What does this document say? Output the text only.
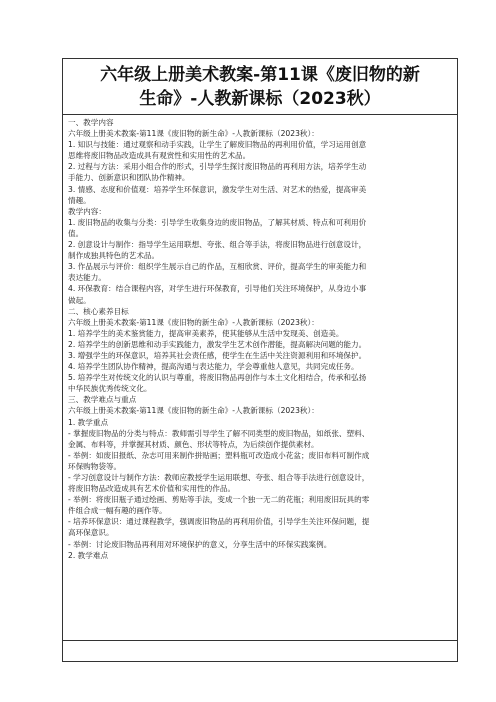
六年级上册美术教案-第11课《废旧物的新

生命》-人教新课标（2023秋）

一、教学内容

六年级上册美术教案-第11课《废旧物的新生命》-人教新课标（2023秋）：

1. 知识与技能：通过观察和动手实践，让学生了解废旧物品的再利用价值，学习运用创意

思维将废旧物品改造成具有观赏性和实用性的艺术品。

2. 过程与方法：采用小组合作的形式，引导学生探讨废旧物品的再利用方法，培养学生动

手能力、创新意识和团队协作精神。

3. 情感、态度和价值观：培养学生环保意识，激发学生对生活、对艺术的热爱，提高审美

情趣。

教学内容：

1. 废旧物品的收集与分类：引导学生收集身边的废旧物品，了解其材质、特点和可利用价

值。

2. 创意设计与制作：指导学生运用联想、夸张、组合等手法，将废旧物品进行创意设计，

制作成独具特色的艺术品。

3. 作品展示与评价：组织学生展示自己的作品，互相欣赏、评价，提高学生的审美能力和

表达能力。

4. 环保教育：结合课程内容，对学生进行环保教育，引导他们关注环境保护，从身边小事

做起。

二、核心素养目标

六年级上册美术教案-第11课《废旧物的新生命》-人教新课标（2023秋）：

1. 培养学生的美术鉴赏能力，提高审美素养，使其能够从生活中发现美、创造美。

2. 培养学生的创新思维和动手实践能力，激发学生艺术创作潜能，提高解决问题的能力。

3. 增强学生的环保意识，培养其社会责任感，使学生在生活中关注资源利用和环境保护。

4. 培养学生团队协作精神，提高沟通与表达能力，学会尊重他人意见，共同完成任务。

5. 培养学生对传统文化的认识与尊重，将废旧物品再创作与本土文化相结合，传承和弘扬

中华民族优秀传统文化。

三、教学难点与重点

六年级上册美术教案-第11课《废旧物的新生命》-人教新课标（2023秋）：

1. 教学重点

- 掌握废旧物品的分类与特点：教师需引导学生了解不同类型的废旧物品，如纸张、塑料、

金属、布料等，并掌握其材质、颜色、形状等特点，为后续创作提供素材。

- 举例：如废旧报纸、杂志可用来制作拼贴画；塑料瓶可改造成小花盆；废旧布料可制作成

环保购物袋等。

- 学习创意设计与制作方法：教师应教授学生运用联想、夸张、组合等手法进行创意设计，

将废旧物品改造成具有艺术价值和实用性的作品。

- 举例：将废旧瓶子通过绘画、剪贴等手法，变成一个独一无二的花瓶；利用废旧玩具的零

件组合成一幅有趣的画作等。

- 培养环保意识：通过课程教学，强调废旧物品的再利用价值，引导学生关注环保问题，提

高环保意识。

- 举例：讨论废旧物品再利用对环境保护的意义，分享生活中的环保实践案例。

2. 教学难点
